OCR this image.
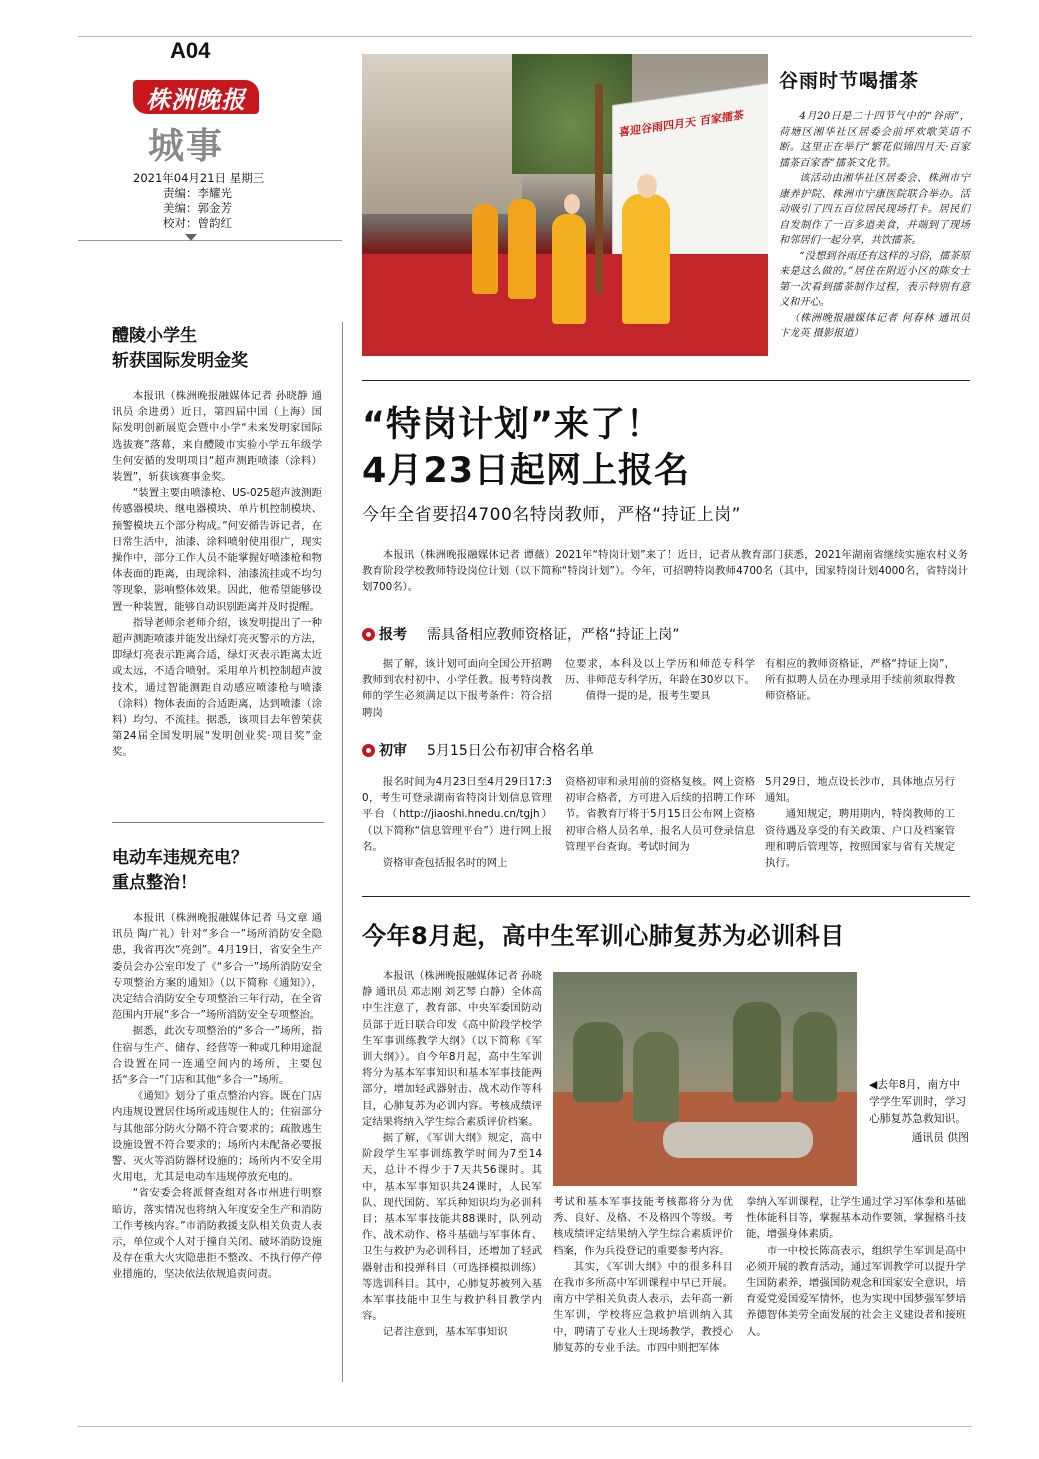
A04
株洲晚报
城事
2021年04月21日 星期三
责编：李耀光
美编：郭金芳
校对：曾韵红
喜迎谷雨四月天 百家擂茶
谷雨时节喝擂茶

4月20日是二十四节气中的“谷雨”，荷塘区湘华社区居委会前坪欢歌笑语不断。这里正在举行“繁花似锦四月天·百家擂茶百家香”擂茶文化节。

该活动由湘华社区居委会、株洲市宁康养护院、株洲市宁康医院联合举办。活动吸引了四五百位居民现场打卡。居民们自发制作了一百多道美食，并端到了现场和邻居们一起分享，共饮擂茶。

“没想到谷雨还有这样的习俗，擂茶原来是这么做的。”居住在附近小区的陈女士第一次看到擂茶制作过程，表示特别有意义和开心。

（株洲晚报融媒体记者 何春林 通讯员 卞龙英 摄影报道）

醴陵小学生
斩获国际发明金奖

本报讯（株洲晚报融媒体记者 孙晓静 通讯员 余进勇）近日，第四届中国（上海）国际发明创新展览会暨中小学“未来发明家国际选拔赛”落幕，来自醴陵市实验小学五年级学生何安循的发明项目“超声测距喷漆（涂料）装置”，斩获该赛事金奖。

“装置主要由喷漆枪、US-025超声波测距传感器模块、继电器模块、单片机控制模块、预警模块五个部分构成。”何安循告诉记者，在日常生活中，油漆、涂料喷射使用很广，现实操作中，部分工作人员不能掌握好喷漆枪和物体表面的距离，由现涂料、油漆流挂或不均匀等现象，影响整体效果。因此，他希望能够设置一种装置，能够自动识别距离并及时提醒。

指导老师余老师介绍，该发明提出了一种超声测距喷漆并能发出绿灯亮灭警示的方法，即绿灯亮表示距离合适，绿灯灭表示距离太近或太远，不适合喷射。采用单片机控制超声波技术，通过智能测距自动感应喷漆枪与喷漆（涂料）物体表面的合适距离，达到喷漆（涂料）均匀、不流挂。据悉，该项目去年曾荣获第24届全国发明展“发明创业奖·项目奖”金奖。

电动车违规充电？
重点整治！

本报讯（株洲晚报融媒体记者 马文章 通讯员 陶广礼）针对“多合一”场所消防安全隐患，我省再次“亮剑”。4月19日，省安全生产委员会办公室印发了《“多合一”场所消防安全专项整治方案的通知》（以下简称《通知》），决定结合消防安全专项整治三年行动，在全省范围内开展“多合一”场所消防安全专项整治。

据悉，此次专项整治的“多合一”场所，指住宿与生产、储存、经营等一种或几种用途混合设置在同一连通空间内的场所，主要包括“多合一”门店和其他“多合一”场所。

《通知》划分了重点整治内容。既在门店内违规设置居住场所或违规住人的；住宿部分与其他部分防火分隔不符合要求的；疏散逃生设施设置不符合要求的；场所内未配备必要报警、灭火等消防器材设施的；场所内不安全用火用电，尤其是电动车违规停放充电的。

“省安委会将派督查组对各市州进行明察暗访，落实情况也将纳入年度安全生产和消防工作考核内容。”市消防救援支队相关负责人表示，单位或个人对于撞自关闭、破坏消防设施及存在重大火灾隐患拒不整改、不执行停产停业措施的，坚决依法依规追责问责。

“特岗计划”来了！
4月23日起网上报名
今年全省要招4700名特岗教师，严格“持证上岗”

本报讯（株洲晚报融媒体记者 谭薇）2021年“特岗计划”来了！近日，记者从教育部门获悉，2021年湖南省继续实施农村义务教育阶段学校教师特设岗位计划（以下简称“特岗计划”）。今年，可招聘特岗教师4700名（其中，国家特岗计划4000名，省特岗计划700名）。

报考 需具备相应教师资格证，严格“持证上岗”

据了解，该计划可面向全国公开招聘教师到农村初中、小学任教。报考特岗教师的学生必须满足以下报考条件：符合招聘岗

位要求，本科及以上学历和师范专科学历、非师范专科学历，年龄在30岁以下。

值得一提的是，报考生要具

有相应的教师资格证，严格“持证上岗”，所有拟聘人员在办理录用手续前须取得教师资格证。

初审 5月15日公布初审合格名单

报名时间为4月23日至4月29日17:30，考生可登录湖南省特岗计划信息管理平台（http://jiaoshi.hnedu.cn/tgjh）（以下简称“信息管理平台”）进行网上报名。

资格审查包括报名时的网上

资格初审和录用前的资格复核。网上资格初审合格者，方可进入后续的招聘工作环节。省教育厅将于5月15日公布网上资格初审合格人员名单，报名人员可登录信息管理平台查询。考试时间为

5月29日，地点设长沙市，具体地点另行通知。

通知规定，聘用期内，特岗教师的工资待遇及享受的有关政策、户口及档案管理和聘后管理等，按照国家与省有关规定执行。

今年8月起，高中生军训心肺复苏为必训科目

本报讯（株洲晚报融媒体记者 孙晓静 通讯员 邓志刚 刘艺琴 白静）全体高中生注意了，教育部、中央军委国防动员部于近日联合印发《高中阶段学校学生军事训练教学大纲》（以下简称《军训大纲》）。自今年8月起，高中生军训将分为基本军事知识和基本军事技能两部分，增加轻武器射击、战术动作等科目，心肺复苏为必训内容。考核成绩评定结果将纳入学生综合素质评价档案。

据了解，《军训大纲》规定，高中阶段学生军事训练教学时间为7至14天，总计不得少于7天共56课时。其中，基本军事知识共24课时，人民军队、现代国防、军兵种知识均为必训科目；基本军事技能共88课时，队列动作、战术动作、格斗基础与军事体育、卫生与救护为必训科目，还增加了轻武器射击和投弹科目（可选择模拟训练）等选训科目。其中，心肺复苏被列入基本军事技能中卫生与救护科目教学内容。

记者注意到，基本军事知识

◀去年8月，南方中学学生军训时，学习心肺复苏急救知识。
通讯员 供图

考试和基本军事技能考核都将分为优秀、良好、及格、不及格四个等级。考核成绩评定结果纳入学生综合素质评价档案，作为兵役登记的重要参考内容。

其实，《军训大纲》中的很多科目在我市多所高中军训课程中早已开展。南方中学相关负责人表示，去年高一新生军训，学校将应急救护培训纳入其中，聘请了专业人士现场教学，教授心肺复苏的专业手法。市四中则把军体

拳纳入军训课程，让学生通过学习军体拳和基础性体能科目等，掌握基本动作要领，掌握格斗技能，增强身体素质。

市一中校长陈高表示，组织学生军训是高中必须开展的教育活动，通过军训教学可以提升学生国防素养，增强国防观念和国家安全意识，培育爱党爱国爱军情怀，也为实现中国梦强军梦培养德智体美劳全面发展的社会主义建设者和接班人。
